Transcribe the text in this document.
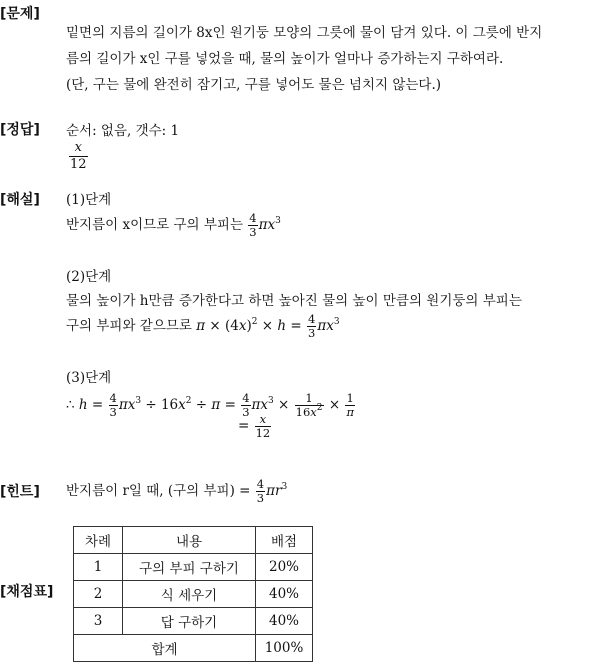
[문제]
밑면의 지름의 길이가 8x인 원기둥 모양의 그릇에 물이 담겨 있다. 이 그릇에 반지
름의 길이가 x인 구를 넣었을 때, 물의 높이가 얼마나 증가하는지 구하여라.
(단, 구는 물에 완전히 잠기고, 구를 넣어도 물은 넘치지 않는다.)
[정답] 순서: 없음, 갯수: 1
$\frac{x}{12}$
[해설] (1)단계
반지름이 x이므로 구의 부피는 $\frac{4}{3} \pi x^3$
(2)단계
물의 높이가 h만큼 증가한다고 하면 높아진 물의 높이 만큼의 원기둥의 부피는
구의 부피와 같으므로 $\pi \times (4x)^2 \times h = \frac{4}{3} \pi x^3$
(3)단계
∴ $h = \frac{4}{3} \pi x^3 \div 16x^2 \div \pi = \frac{4}{3} \pi x^3 \times \frac{1}{16x^2} \times \frac{1}{\pi}$
= $\frac{x}{12}$
[힌트] 반지름이 r일 때, (구의 부피) = $\frac{4}{3} \pi r^3$
[채점표]
차례	내용	배점
1	구의 부피 구하기	20%
2	식 세우기	40%
3	답 구하기	40%
합계		100%
